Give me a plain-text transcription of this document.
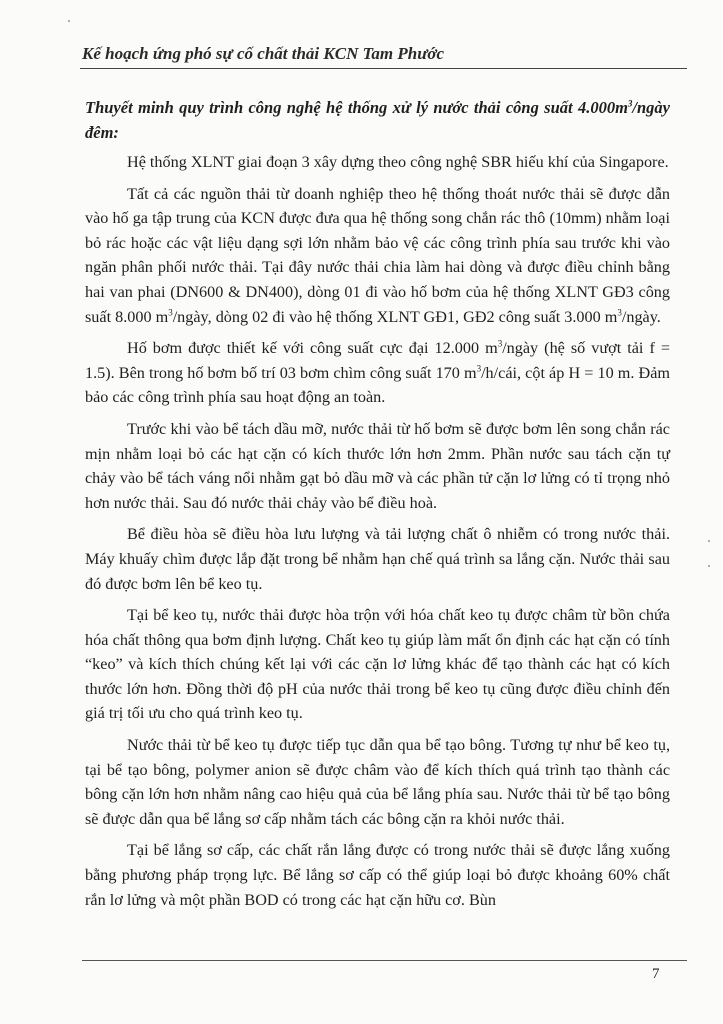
Kế hoạch ứng phó sự cố chất thải KCN Tam Phước

Thuyết minh quy trình công nghệ hệ thống xử lý nước thải công suất $4.000m^3$/ngày đêm:

Hệ thống XLNT giai đoạn 3 xây dựng theo công nghệ SBR hiếu khí của Singapore.

Tất cả các nguồn thải từ doanh nghiệp theo hệ thống thoát nước thải sẽ được dẫn vào hố ga tập trung của KCN được đưa qua hệ thống song chắn rác thô (10mm) nhằm loại bỏ rác hoặc các vật liệu dạng sợi lớn nhằm bảo vệ các công trình phía sau trước khi vào ngăn phân phối nước thải. Tại đây nước thải chia làm hai dòng và được điều chỉnh bằng hai van phai (DN600 & DN400), dòng 01 đi vào hố bơm của hệ thống XLNT GĐ3 công suất 8.000 $m^3$/ngày, dòng 02 đi vào hệ thống XLNT GĐ1, GĐ2 công suất 3.000 $m^3$/ngày.

Hố bơm được thiết kế với công suất cực đại 12.000 $m^3$/ngày (hệ số vượt tải f = 1.5). Bên trong hố bơm bố trí 03 bơm chìm công suất 170 $m^3/h$/cái, cột áp H = 10 m. Đảm bảo các công trình phía sau hoạt động an toàn.

Trước khi vào bể tách dầu mỡ, nước thải từ hố bơm sẽ được bơm lên song chắn rác mịn nhằm loại bỏ các hạt cặn có kích thước lớn hơn 2mm. Phần nước sau tách cặn tự chảy vào bể tách váng nổi nhằm gạt bỏ dầu mỡ và các phần tử cặn lơ lửng có tỉ trọng nhỏ hơn nước thải. Sau đó nước thải chảy vào bể điều hoà.

Bể điều hòa sẽ điều hòa lưu lượng và tải lượng chất ô nhiễm có trong nước thải. Máy khuấy chìm được lắp đặt trong bể nhằm hạn chế quá trình sa lắng cặn. Nước thải sau đó được bơm lên bể keo tụ.

Tại bể keo tụ, nước thải được hòa trộn với hóa chất keo tụ được châm từ bồn chứa hóa chất thông qua bơm định lượng. Chất keo tụ giúp làm mất ổn định các hạt cặn có tính “keo” và kích thích chúng kết lại với các cặn lơ lửng khác để tạo thành các hạt có kích thước lớn hơn. Đồng thời độ pH của nước thải trong bể keo tụ cũng được điều chỉnh đến giá trị tối ưu cho quá trình keo tụ.

Nước thải từ bể keo tụ được tiếp tục dẫn qua bể tạo bông. Tương tự như bể keo tụ, tại bể tạo bông, polymer anion sẽ được châm vào để kích thích quá trình tạo thành các bông cặn lớn hơn nhằm nâng cao hiệu quả của bể lắng phía sau. Nước thải từ bể tạo bông sẽ được dẫn qua bể lắng sơ cấp nhằm tách các bông cặn ra khỏi nước thải.

Tại bể lắng sơ cấp, các chất rắn lắng được có trong nước thải sẽ được lắng xuống bằng phương pháp trọng lực. Bể lắng sơ cấp có thể giúp loại bỏ được khoảng 60% chất rắn lơ lửng và một phần BOD có trong các hạt cặn hữu cơ. Bùn

7
